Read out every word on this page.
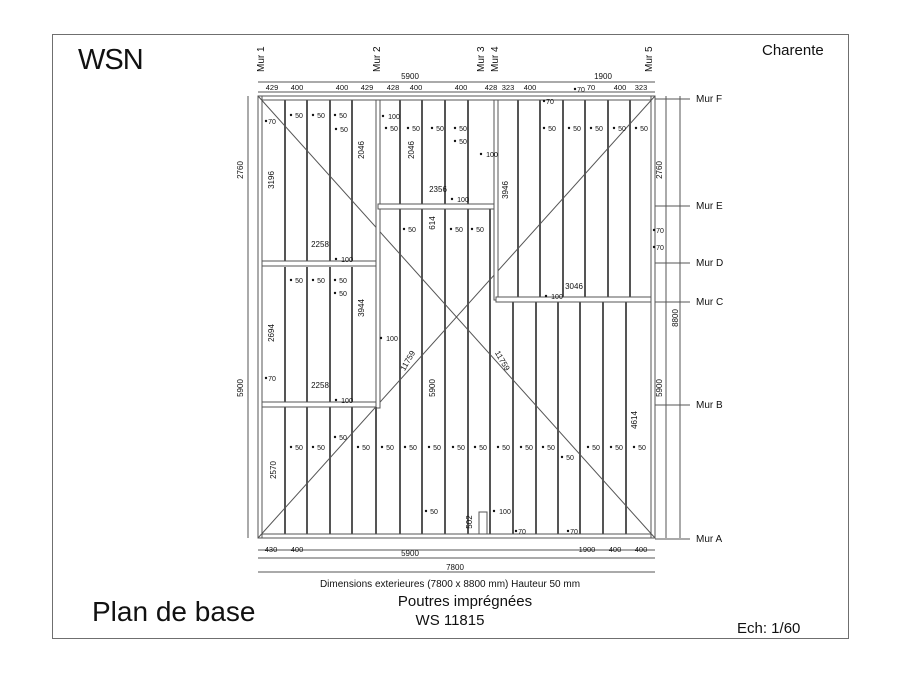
WSN	Charente
Mur 1	Mur 2	Mur 3 Mur 4	Mur 5
Mur F
Mur E
Mur D
Mur C
Mur B
Mur A
5900	1900
429 400	400 429 428 400	400 428 323 400	70 400 323
430 400	5900	1900 400 400
7800
2760
5900
2760
8800
5900
3196
2258
2694
3944
2258
2570
2046	2046
2356
614
3946
3046
5900
4614
502
11759	11759
70
70
70
70
70	70
70
70
50 50 50
50
50 50 50
50
50 50
50
50 50 50 50 50 50 50 50 50
50
50 50 50
50 50 50 50
50
50 50 50 50 50
50	50 50
50
100
100
100
100
100
100
100
100
Dimensions exterieures (7800 x 8800 mm) Hauteur 50 mm
Poutres imprégnées
WS 11815
Plan de base
Ech: 1/60
